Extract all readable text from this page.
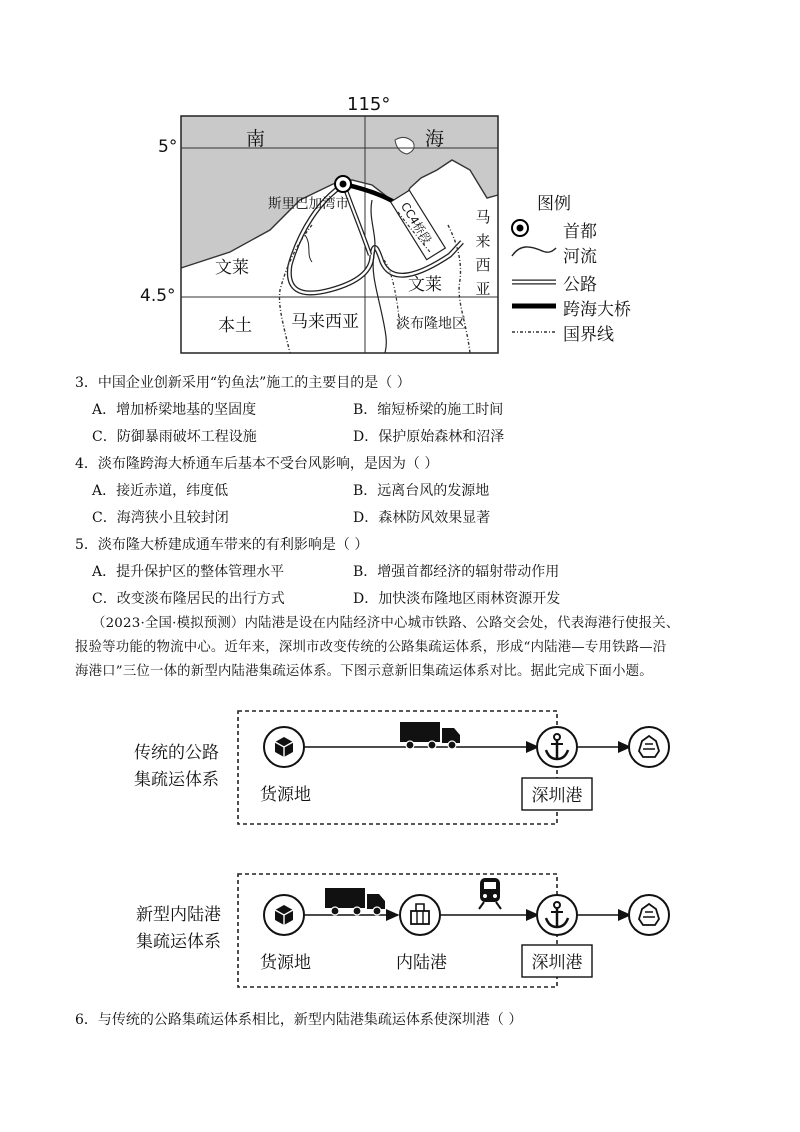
115°
5°
4.5°
南	海
斯里巴加湾市
文莱
文莱
本土 马来西亚	淡布隆地区
马
来
西
亚
CC4桥段	图例
首都
河流
公路
跨海大桥
国界线
3．中国企业创新采用“钓鱼法”施工的主要目的是（ ）
A．增加桥梁地基的坚固度	B．缩短桥梁的施工时间
C．防御暴雨破坏工程设施	D．保护原始森林和沼泽
4．淡布隆跨海大桥通车后基本不受台风影响，是因为（ ）
A．接近赤道，纬度低	B．远离台风的发源地
C．海湾狭小且较封闭	D．森林防风效果显著
5．淡布隆大桥建成通车带来的有利影响是（ ）
A．提升保护区的整体管理水平	B．增强首都经济的辐射带动作用
C．改变淡布隆居民的出行方式	D．加快淡布隆地区雨林资源开发
（2023·全国·模拟预测）内陆港是设在内陆经济中心城市铁路、公路交会处，代表海港行使报关、
报验等功能的物流中心。近年来，深圳市改变传统的公路集疏运体系，形成“内陆港—专用铁路—沿
海港口”三位一体的新型内陆港集疏运体系。下图示意新旧集疏运体系对比。据此完成下面小题。
传统的公路
集疏运体系
货源地	深圳港
新型内陆港
集疏运体系
货源地	内陆港	深圳港
6．与传统的公路集疏运体系相比，新型内陆港集疏运体系使深圳港（ ）
